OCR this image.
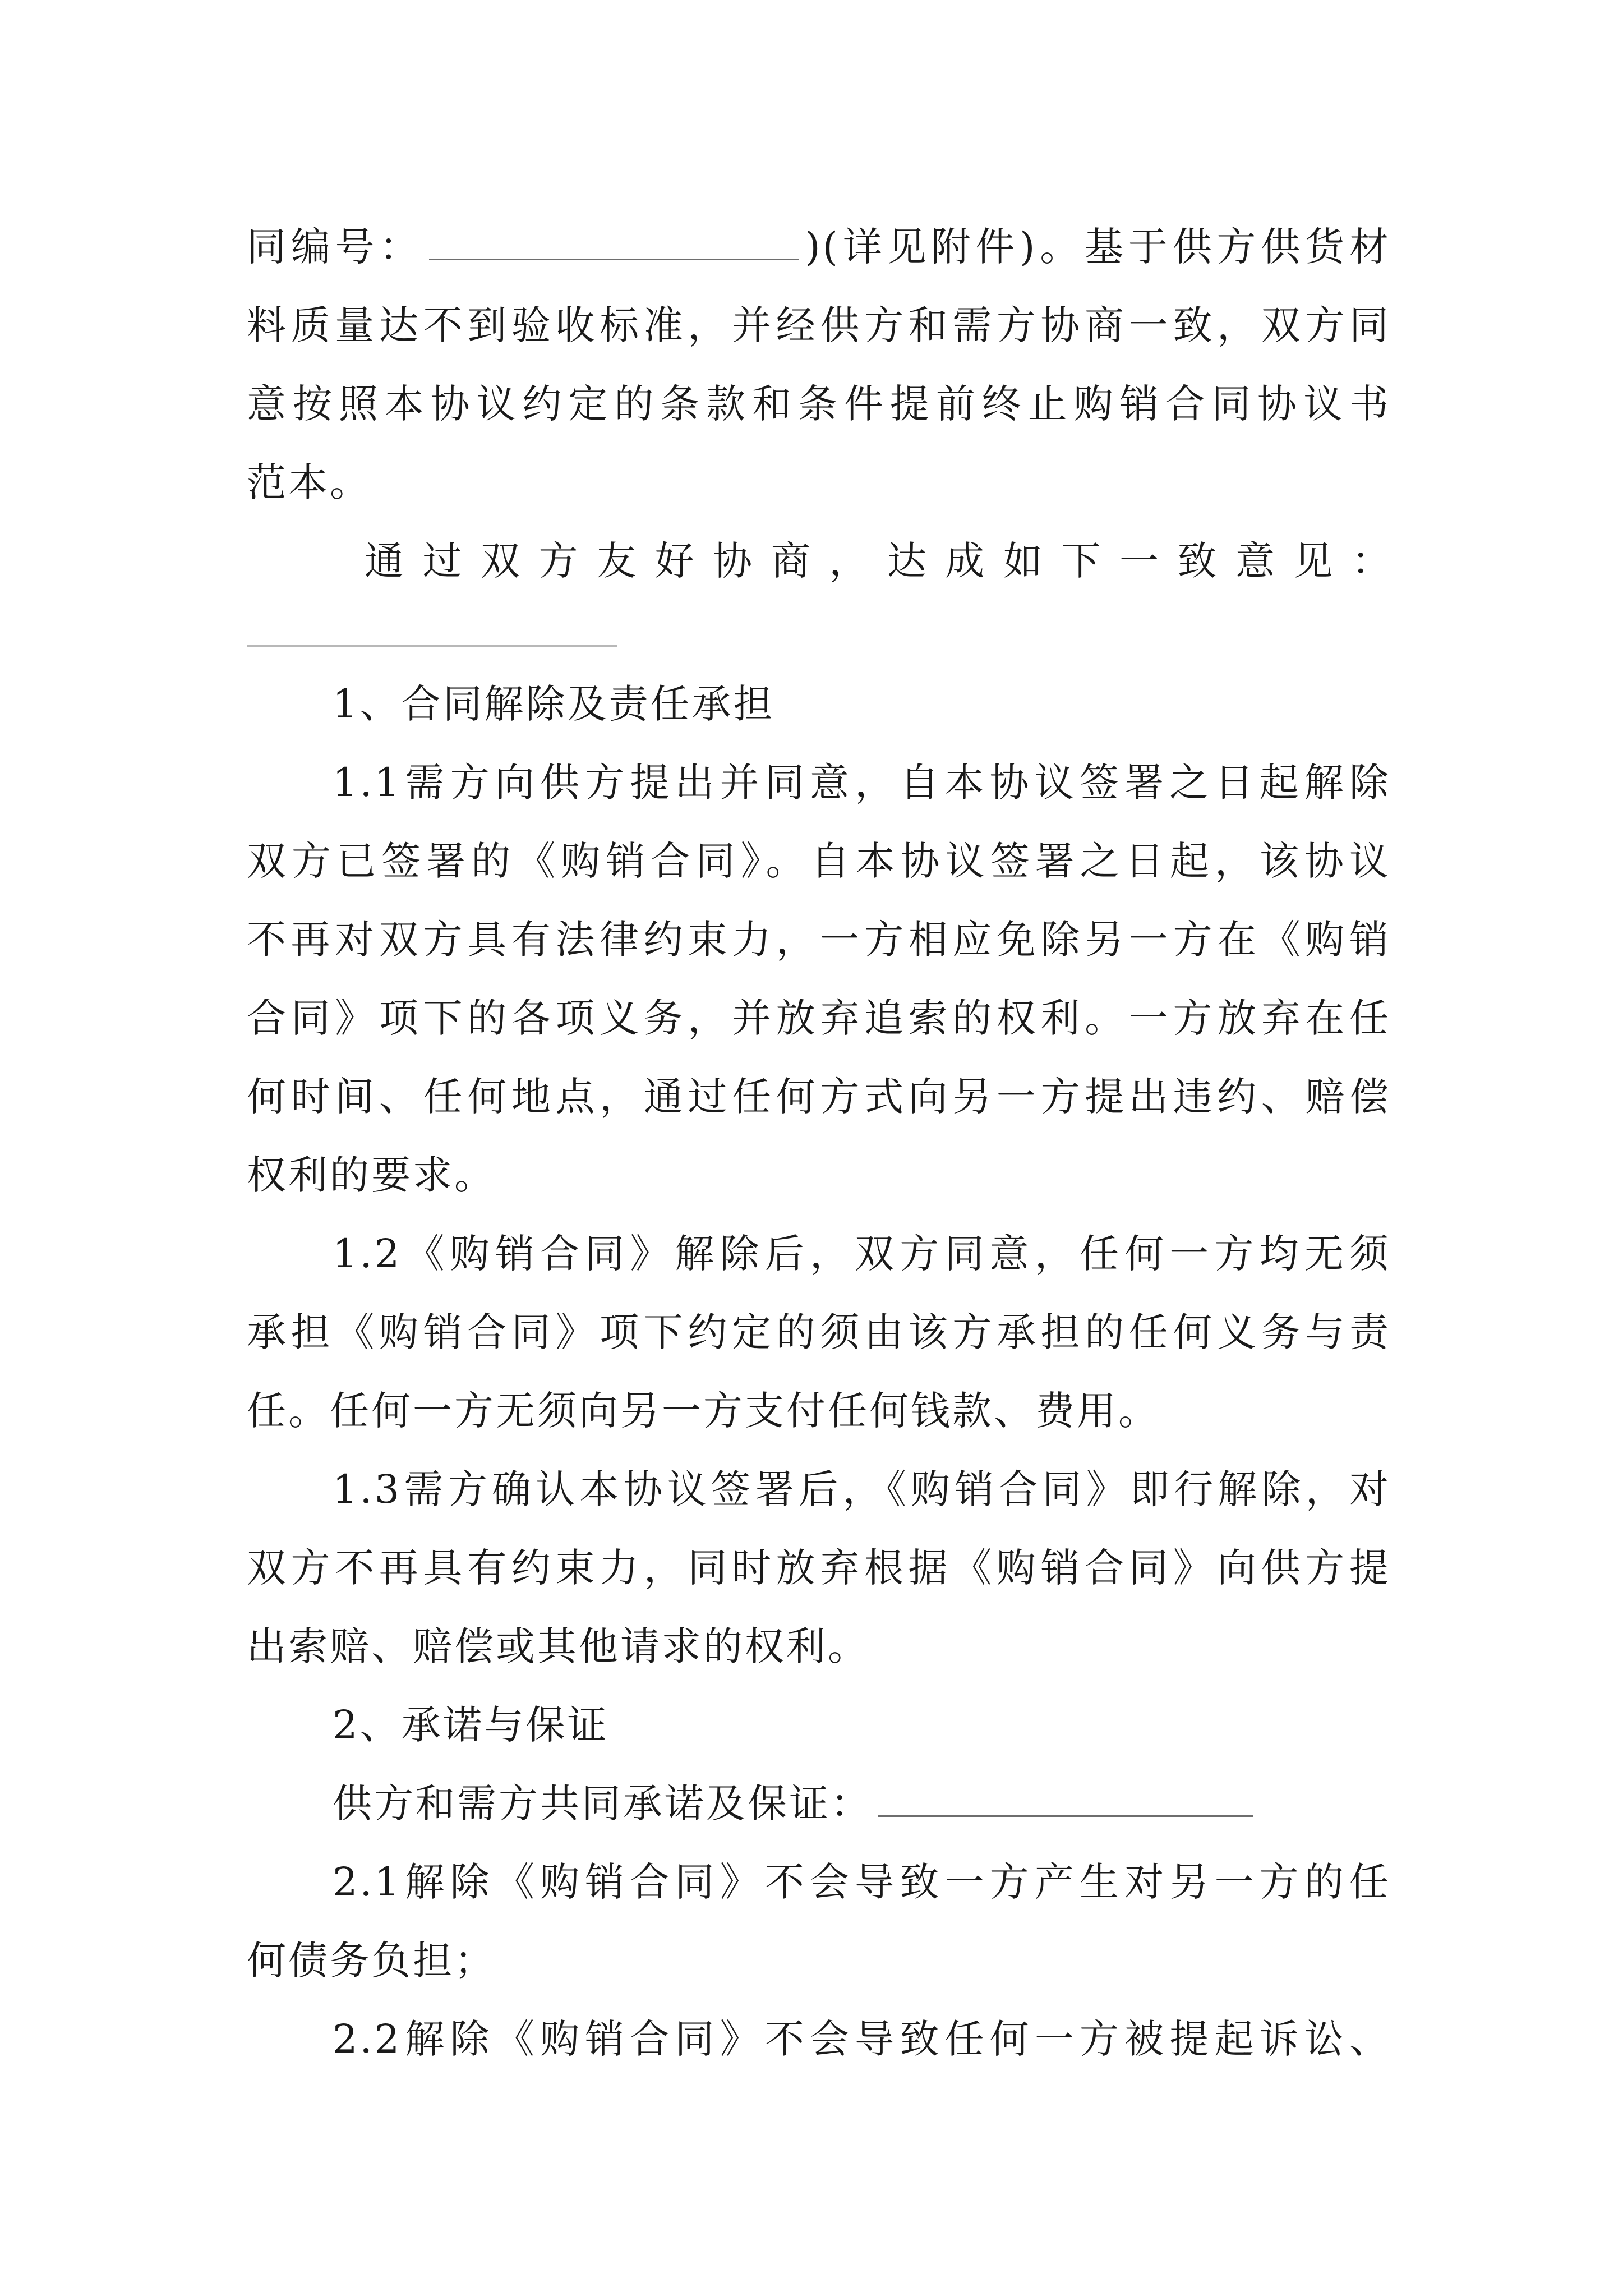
同编号：	)(详见附件)。基于供方供货材
料质量达不到验收标准，并经供方和需方协商一致，双方同
意按照本协议约定的条款和条件提前终止购销合同协议书
范本。
通过双方友好协商，达成如下一致意见：
1、合同解除及责任承担
1.1需方向供方提出并同意，自本协议签署之日起解除
双方已签署的《购销合同》。自本协议签署之日起，该协议
不再对双方具有法律约束力，一方相应免除另一方在《购销
合同》项下的各项义务，并放弃追索的权利。一方放弃在任
何时间、任何地点，通过任何方式向另一方提出违约、赔偿
权利的要求。
1.2《购销合同》解除后，双方同意，任何一方均无须
承担《购销合同》项下约定的须由该方承担的任何义务与责
任。任何一方无须向另一方支付任何钱款、费用。
1.3需方确认本协议签署后，《购销合同》即行解除，对
双方不再具有约束力，同时放弃根据《购销合同》向供方提
出索赔、赔偿或其他请求的权利。
2、承诺与保证
供方和需方共同承诺及保证：
2.1解除《购销合同》不会导致一方产生对另一方的任
何债务负担；
2.2解除《购销合同》不会导致任何一方被提起诉讼、
